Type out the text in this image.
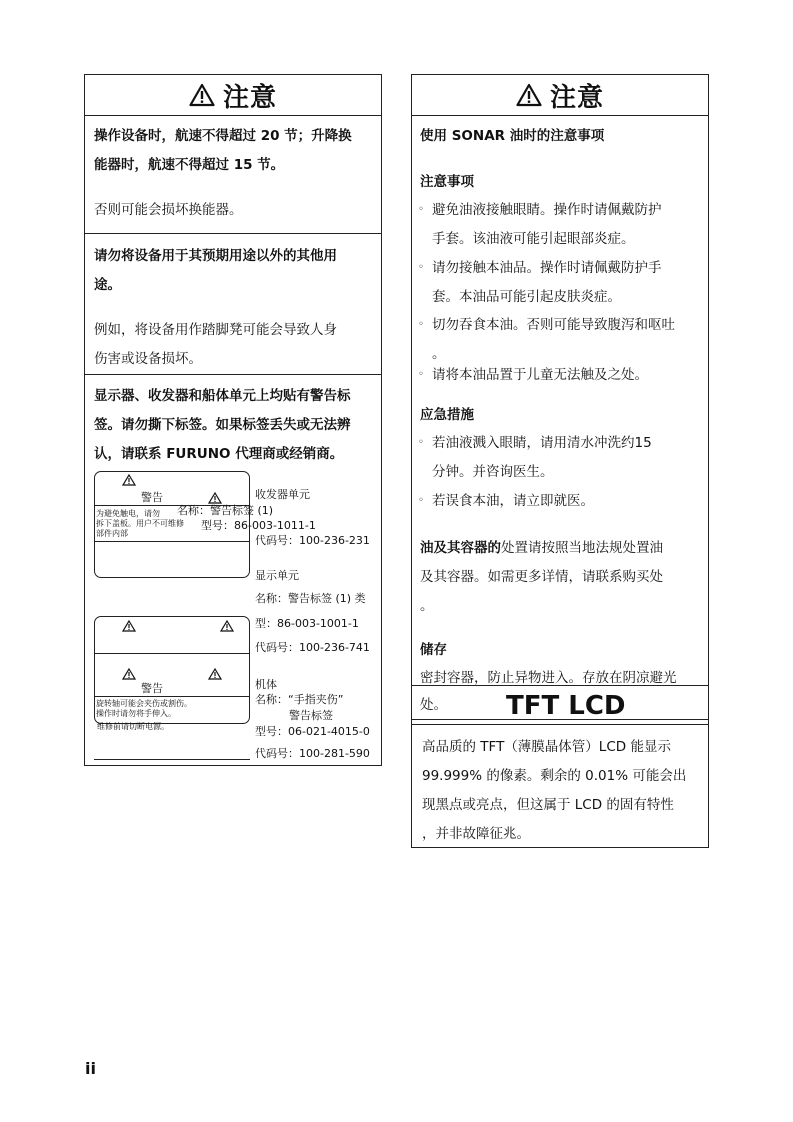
注意
操作设备时，航速不得超过 20 节；升降换
能器时，航速不得超过 15 节。
否则可能会损坏换能器。
请勿将设备用于其预期用途以外的其他用
途。
例如，将设备用作踏脚凳可能会导致人身
伤害或设备损坏。
显示器、收发器和船体单元上均贴有警告标
签。请勿撕下标签。如果标签丢失或无法辨
认，请联系 FURUNO 代理商或经销商。
警告
为避免触电，请勿
拆下盖板。用户不可维修
部件内部
名称：警告标签 (1)
型号：86-003-1011-1
警告
旋转轴可能会夹伤或割伤。
操作时请勿将手伸入。
维修前请切断电源。
收发器单元
代码号：100-236-231
显示单元
名称：警告标签 (1) 类
型：86-003-1001-1
代码号：100-236-741
机体
名称：“手指夹伤”
警告标签
型号：06-021-4015-0
代码号：100-281-590
注意
使用 SONAR 油时的注意事项
注意事项
◦ 避免油液接触眼睛。操作时请佩戴防护
手套。该油液可能引起眼部炎症。
◦ 请勿接触本油品。操作时请佩戴防护手
套。本油品可能引起皮肤炎症。
◦ 切勿吞食本油。否则可能导致腹泻和呕吐
。
◦ 请将本油品置于儿童无法触及之处。
应急措施
◦ 若油液溅入眼睛，请用清水冲洗约15
分钟。并咨询医生。
◦ 若误食本油，请立即就医。
油及其容器的处置请按照当地法规处置油
及其容器。如需更多详情，请联系购买处
。
储存
密封容器，防止异物进入。存放在阴凉避光
处。 TFT LCD
高品质的 TFT（薄膜晶体管）LCD 能显示
99.999% 的像素。剩余的 0.01% 可能会出
现黑点或亮点，但这属于 LCD 的固有特性
，并非故障征兆。
ii
